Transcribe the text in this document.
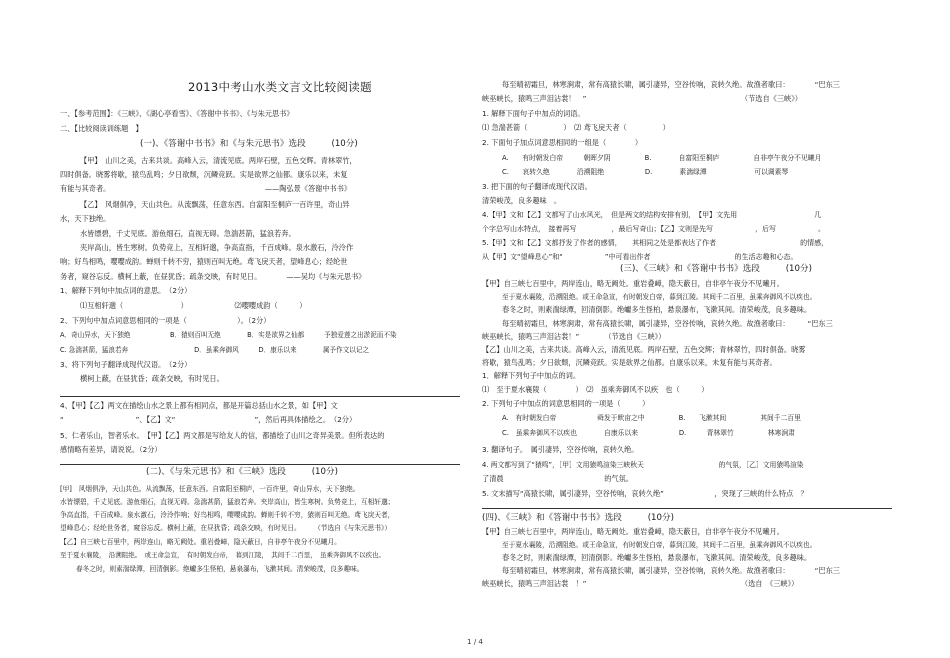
2013中考山水类文言文比较阅读题
一、【参考范围】：《三峡》、《湖心亭看雪》、《答谢中书书》、《与朱元思书》
二、【比较阅读训练题　】
(一)、《答谢中书书》和《与朱元思书》选段　　　(10分)
【甲】　山川之美，古来共谈。高峰入云，清流见底。两岸石壁，五色交辉。青林翠竹，
四时俱备。晓雾将歇，猿鸟乱鸣；夕日欲颓，沉鳞竞跃。实是欲界之仙都。康乐以来，未复
有能与其奇者。　　　　　　　　　　　　　　　　　　　　　　——陶弘景《答谢中书书》
【乙】　风烟俱净，天山共色。从流飘荡，任意东西。自富阳至桐庐一百许里，奇山异
水，天下独绝。
水皆缥碧，千丈见底。游鱼细石，直视无碍。急湍甚箭，猛浪若奔。
夹岸高山，皆生寒树。负势竞上，互相轩邈，争高直指，千百成峰。泉水激石，泠泠作
响；好鸟相鸣，嘤嘤成韵。蝉则千转不穷，猿则百叫无绝。鸢飞戾天者，望峰息心；经纶世
务者，窥谷忘反。横柯上蔽，在昼犹昏；疏条交映，有时见日。　　　　——吴均《与朱元思书》
1、解释下列句中加点词的意思。　（2分）
⑴互相轩邈（　　　　　　　　）　　　　　　　⑵嘤嘤成韵（　　　）
2、下列句中加点词意思相同的一项是（　　　　　　　）。（2分）
A．奇山异水，天下独绝　　　　　　B．猿则百叫无绝　　　　B．实是欲界之仙都　　　予独爱莲之出淤泥而不染
C. 急湍甚箭，猛浪若奔　　　　　　　　　　D．虽乘奔御风　　　D．康乐以来　　　　属予作文以记之
3、将下列句子翻译成现代汉语。　（2分）
横柯上蔽，在昼犹昏；疏条交映，有时见日。
4、【甲】【乙】两文在描绘山水之景上都有相同点，都是开篇总括山水之景，如【甲】文
“　　　　　　　　　　”、【乙】文“　　　　　　　　　　　”，然后再具体描绘之。　（2分）
5、仁者乐山，智者乐水。　【甲】【乙】两文都是写给友人的信，都描绘了山川之奇异美景。但所表达的
感情略有差异，请说说。（2分）
(二)、《与朱元思书》和《三峡》选段　　　(10分)
[甲]　风烟俱净，天山共色。从流飘荡，任意东西。自富阳至桐庐，一百许里，奇山异水，天下独绝。
水皆缥碧，千丈见底。游鱼细石，直视无碍。急湍甚箭，猛浪若奔。夹岸高山，皆生寒树。负势竞上，互相轩邈；
争高直指，千百成峰。泉水激石，泠泠作响；好鸟相鸣，嘤嘤成韵。蝉则千转不穷，猿则百叫无绝。鸢飞戾天者，
望峰息心；经纶世务者，窥谷忘反。横柯上蔽，在昼犹昏；疏条交映，有时见日。　　　（节选自《与朱元思书》）
【乙】自三峡七百里中，两岸连山，略无阙处。重岩叠嶂，隐天蔽日，自非亭午夜分不见曦月。
至于夏水襄陵，　沿溯阻绝。　或王命急宣，　有时朝发白帝，　暮到江陵，　其间千二百里，　虽乘奔御风不以疾也。
春冬之时，则素湍绿潭，回清倒影。绝巘多生怪柏，悬泉瀑布，飞漱其间。清荣峻茂，良多趣味。
每至晴初霜旦，林寒涧肃，常有高猿长啸，属引凄异，空谷传响，哀转久绝。故渔者歌曰：　　　　“巴东三
峡巫峡长，猿鸣三声泪沾裳！　”　　　　　　　　　　　　　　　　　　　　　　（节选自《三峡》）
1. 解释下面句子中加点的词语。
⑴ 急湍甚箭（　　　　　）　⑵ 鸢飞戾天者（　　　　　）
2. 下面句子加点词意思相同的一组是（　　　　）
A.　　有时朝发白帝　　　朝晖夕阴　　　　　B.　　　　自富阳至桐庐　　　　　自非亭午夜分不见曦月
C.　　哀转久绝　　　　沿溯阻绝　　　　　　D.　　　　素湍绿潭　　　　　　　可以调素琴
3. 把下面的句子翻译成现代汉语。
清荣峻茂，良多趣味　。
4.【甲】文和【乙】文都写了山水风光，　但是两文的结构安排有别，　【甲】文先用　　　　　　　　　　　几
个字总写山水特点，　接着再写　　　　　，最后写奇山；【乙】文则是先写　　　　　　，后写　　　　　　。
5.【甲】文和【乙】文都抒发了作者的感情，　　其相同之处是都表达了作者　　　　　　　　　　　　的情感，
从【甲】文“望峰息心”和“　　　　　　”中可看出作者　　　　　　　　　　　　的生活志趣和心态。
(三)、《三峡》和《答谢中书书》选段　　　(10分)
【甲】自三峡七百里中，两岸连山，略无阙处。重岩叠嶂，隐天蔽日，自非亭午夜分不见曦月。
至于夏水襄陵，沿溯阻绝。或王命急宣，有时朝发白帝，暮到江陵。其间千二百里，虽乘奔御风不以疾也。
春冬之时，则素湍绿潭，回清倒影。绝巘多生怪柏，悬泉瀑布，飞漱其间。清荣峻茂，良多趣味。
每至晴初霜旦，林寒涧肃，常有高猿长啸，属引凄异，空谷传响，哀转久绝。故渔者歌曰：　　　“巴东三
峡巫峡长，猿鸣三声泪沾裳！”　　　　（节选自《三峡》）
【乙】山川之美，古来共谈。高峰入云，清流见底。两岸石壁，五色交辉；青林翠竹，四时俱备。晓雾
将歇，猿鸟乱鸣；夕日欲颓，沉鳞竞跃。实是欲界之仙都。自康乐以来，未复有能与其奇者。
1．解释下列句子中加点的词。
⑴　至于夏水襄陵（　　　　）　⑵　虽乘奔御风不以疾　也（　　　）
2. 下列句子中加点的词意思相同的一项是（　　　）
A.　有时朝发白帝　　　　　　舜发于畎亩之中　　　　　B.　　飞漱其间　　　　　其间千二百里
C.　虽乘奔御风不以疾也　　　　自康乐以来　　　　　　D.　　　青林翠竹　　　　　林寒涧肃
3. 翻译句子。　属引凄异，空谷传响，哀转久绝。
4. 两文都写到了“猿鸣”，［甲］文用猿鸣渲染三峡秋天　　　　　　　　　　　的气氛，［乙］文用猿鸣渲染
了清晨　　　　　　　　　　　　　　的气氛。
5. 文末描写“高猿长啸，属引凄异，空谷传响，哀转久绝”　　　　　　　，突现了三峡的什么特点　？
(四)、《三峡》和《答谢中书书》选段　　　(10分)
【甲】自三峡七百里中，两岸连山，略无阙处。重岩叠嶂，隐天蔽日，自非亭午夜分不见曦月。
至于夏水襄陵，沿溯阻绝。或王命急宣，有时朝发白帝，暮到江陵，其间千二百里，虽乘奔御风不以疾也。
春冬之时，则素湍绿潭，回清倒影。绝巘多生怪柏，悬泉瀑布，飞漱其间。清荣峻茂，良多趣味。
每至晴初霜旦，林寒涧肃，常有高猿长啸，属引凄异，空谷传响，哀转久绝。故渔者歌曰：　　　　“巴东三
峡巫峡长，猿鸣三声泪沾裳　！”　　　　　　　　　　　　　　　　　　　　　　（选自　《三峡》）
1 / 4
